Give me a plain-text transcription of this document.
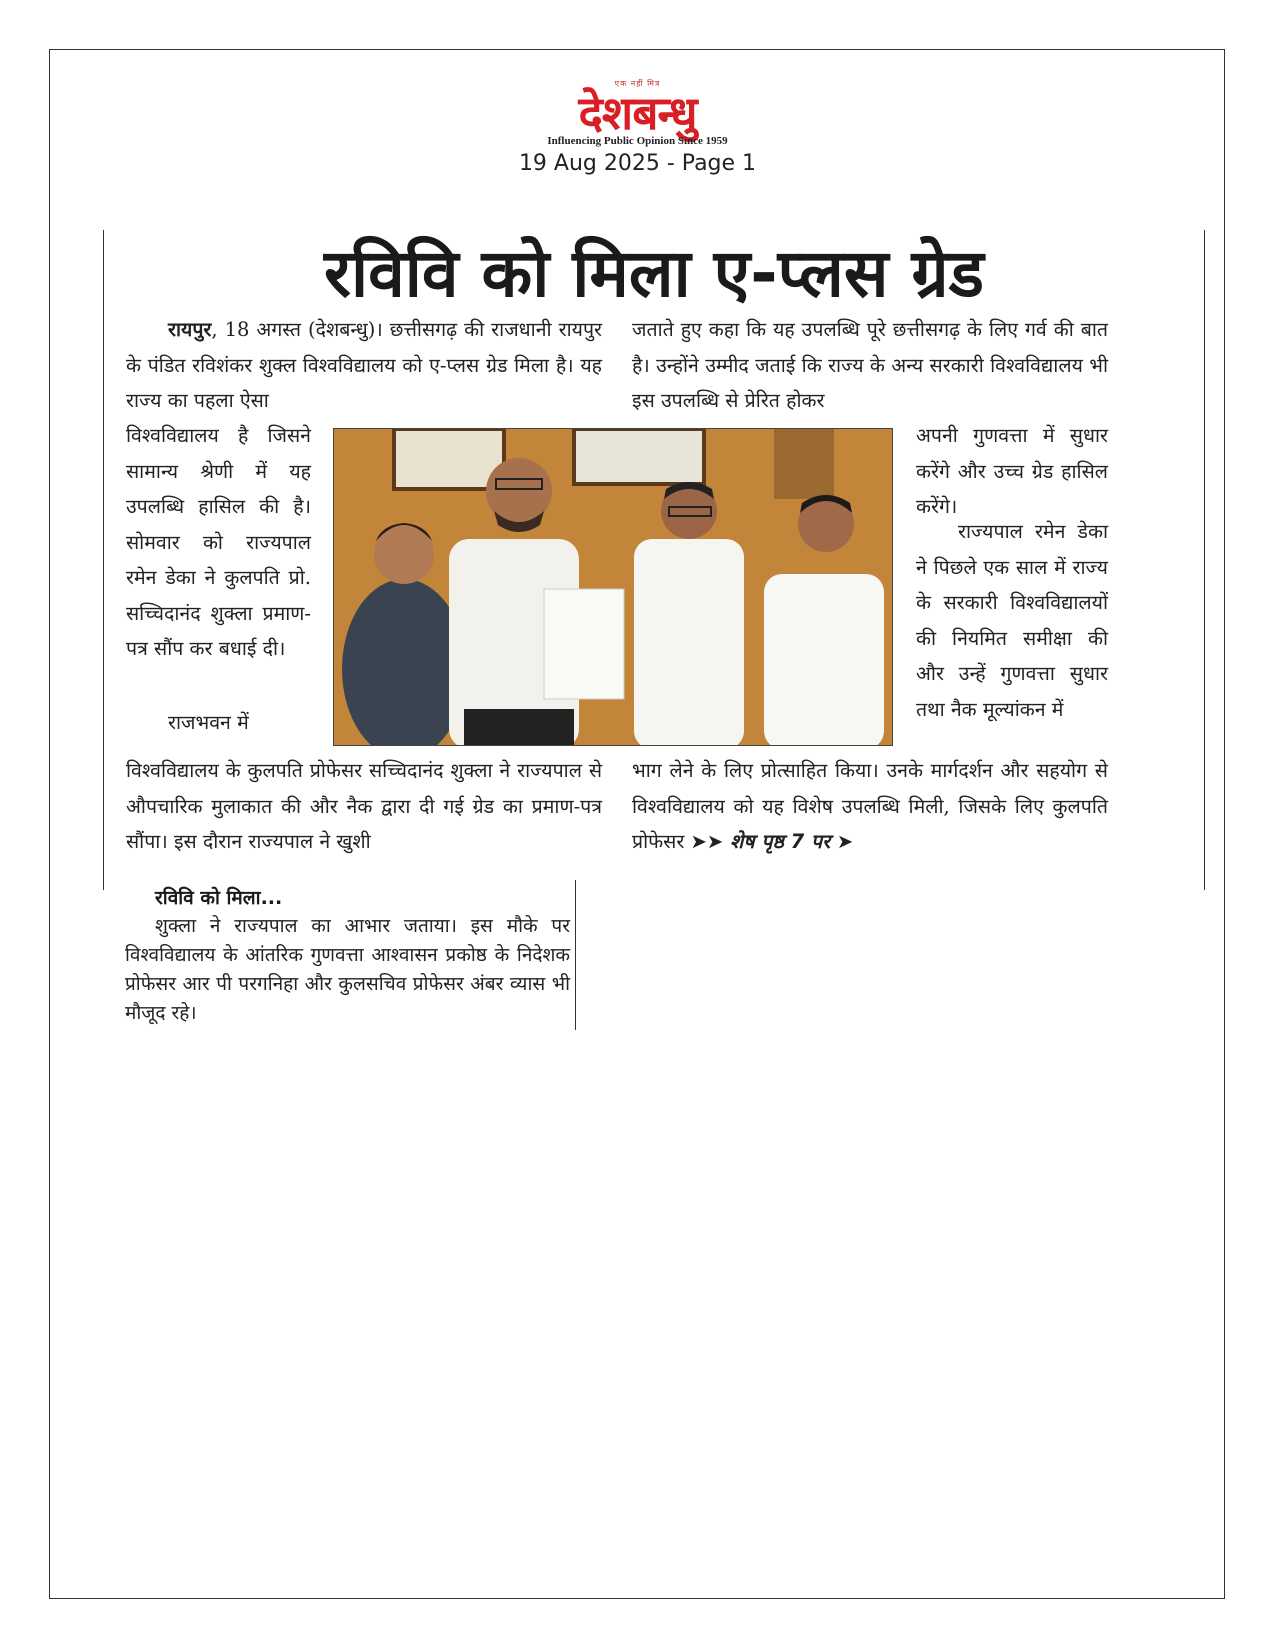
एक नहीं मित्र
देशबन्धु
Influencing Public Opinion Since 1959
19 Aug 2025 - Page 1
रविवि को मिला ए-प्लस ग्रेड

रायपुर, 18 अगस्त (देशबन्धु)। छत्तीसगढ़ की राजधानी रायपुर के पंडित रविशंकर शुक्ल विश्वविद्यालय को ए-प्लस ग्रेड मिला है। यह राज्य का पहला ऐसा

विश्वविद्यालय है जिसने सामान्य श्रेणी में यह उपलब्धि हासिल की है। सोमवार को राज्यपाल रमेन डेका ने कुलपति प्रो. सच्चिदानंद शुक्ला प्रमाण-पत्र सौंप कर बधाई दी।

राजभवन में

विश्वविद्यालय के कुलपति प्रोफेसर सच्चिदानंद शुक्ला ने राज्यपाल से औपचारिक मुलाकात की और नैक द्वारा दी गई ग्रेड का प्रमाण-पत्र सौंपा। इस दौरान राज्यपाल ने खुशी

जताते हुए कहा कि यह उपलब्धि पूरे छत्तीसगढ़ के लिए गर्व की बात है। उन्होंने उम्मीद जताई कि राज्य के अन्य सरकारी विश्वविद्यालय भी इस उपलब्धि से प्रेरित होकर

अपनी गुणवत्ता में सुधार करेंगे और उच्च ग्रेड हासिल करेंगे।

राज्यपाल रमेन डेका ने पिछले एक साल में राज्य के सरकारी विश्वविद्यालयों की नियमित समीक्षा की और उन्हें गुणवत्ता सुधार तथा नैक मूल्यांकन में

भाग लेने के लिए प्रोत्साहित किया। उनके मार्गदर्शन और सहयोग से विश्वविद्यालय को यह विशेष उपलब्धि मिली, जिसके लिए कुलपति प्रोफेसर ➤➤ शेष पृष्ठ 7 पर ➤

रविवि को मिला...

शुक्ला ने राज्यपाल का आभार जताया। इस मौके पर विश्वविद्यालय के आंतरिक गुणवत्ता आश्वासन प्रकोष्ठ के निदेशक प्रोफेसर आर पी परगनिहा और कुलसचिव प्रोफेसर अंबर व्यास भी मौजूद रहे।
